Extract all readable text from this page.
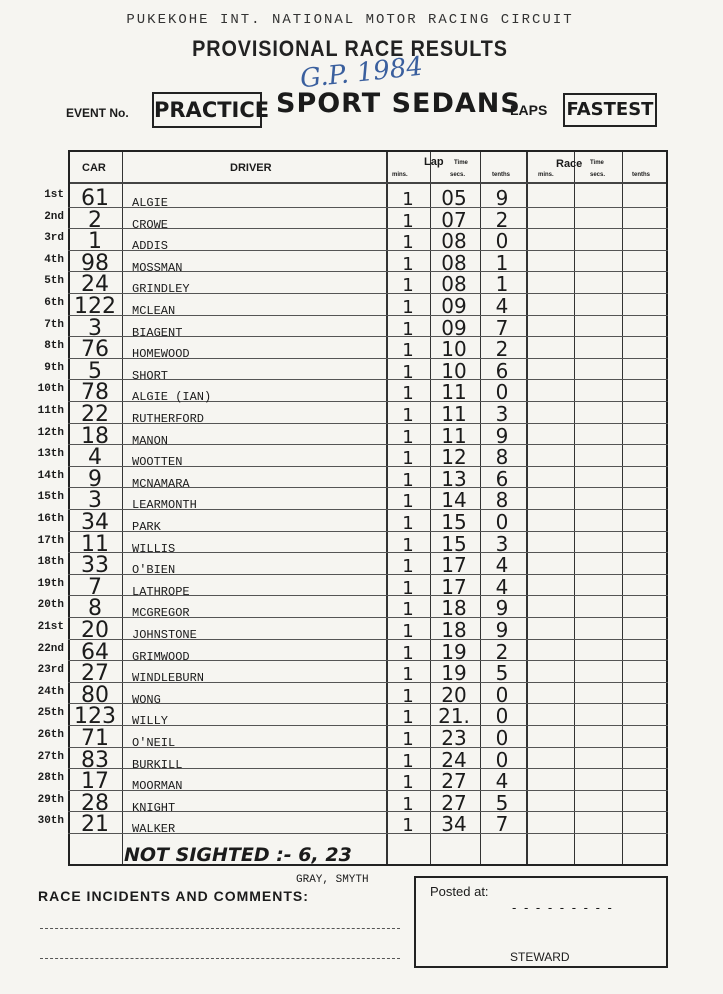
PUKEKOHE INT. NATIONAL MOTOR RACING CIRCUIT
PROVISIONAL RACE RESULTS
G.P. 1984
EVENT No. PRACTICE SPORT SEDANS
LAPS FASTEST
CAR	DRIVER	Lap Time
mins.	secs.	tenths
Race Time
mins.	secs.	tenths
1st 61	ALGIE	1	05	9
2nd	2	CROWE	1	07	2
3rd	1	ADDIS	1	08	0
4th 98	MOSSMAN	1	08	1
5th 24	GRINDLEY	1	08	1
6th 122	MCLEAN	1	09	4
7th	3	BIAGENT	1	09	7
8th 76	HOMEWOOD	1	10	2
9th	5	SHORT	1	10	6
10th 78	ALGIE (IAN)	1	11	0
11th 22	RUTHERFORD	1	11	3
12th 18	MANON	1	11	9
13th	4	WOOTTEN	1	12	8
14th	9	MCNAMARA	1	13	6
15th	3	LEARMONTH	1	14	8
16th 34	PARK	1	15	0
17th 11	WILLIS	1	15	3
18th 33	O'BIEN	1	17	4
19th	7	LATHROPE	1	17	4
20th	8	MCGREGOR	1	18	9
21st 20	JOHNSTONE	1	18	9
22nd 64	GRIMWOOD	1	19	2
23rd 27	WINDLEBURN	1	19	5
24th 80	WONG	1	20	0
25th 123	WILLY	1	21.	0
26th 71	O'NEIL	1	23	0
27th 83	BURKILL	1	24	0
28th 17	MOORMAN	1	27	4
29th 28	KNIGHT	1	27	5
30th 21	WALKER	1	34	7
NOT SIGHTED :- 6, 23
GRAY, SMYTH
RACE INCIDENTS AND COMMENTS:	Posted at:
- - - - - - - - -
STEWARD
